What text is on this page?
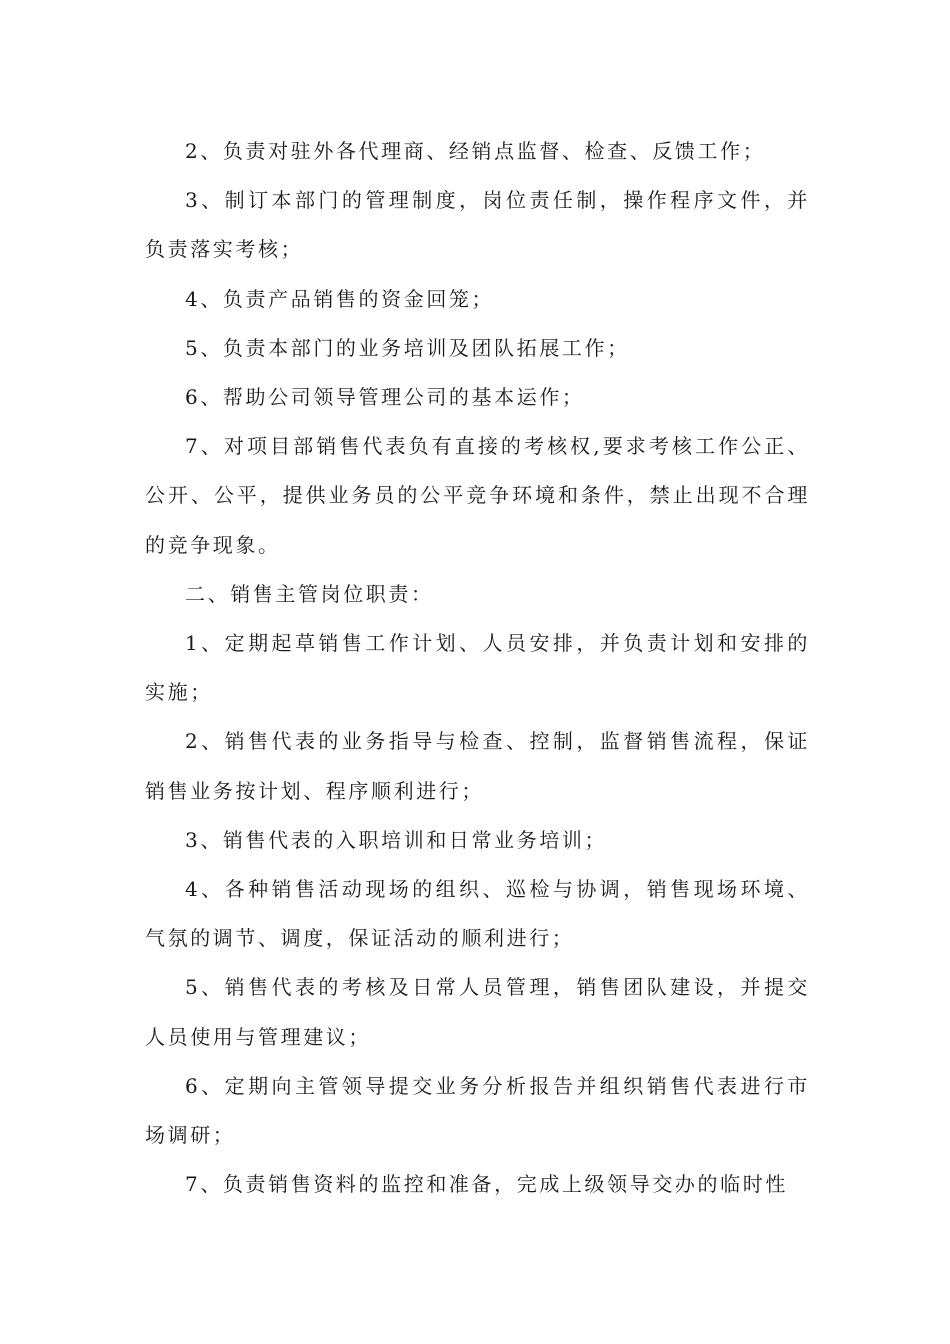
2、负责对驻外各代理商、经销点监督、检查、反馈工作；

3、制订本部门的管理制度，岗位责任制，操作程序文件，并负责落实考核；

4、负责产品销售的资金回笼；

5、负责本部门的业务培训及团队拓展工作；

6、帮助公司领导管理公司的基本运作；

7、对项目部销售代表负有直接的考核权,要求考核工作公正、公开、公平，提供业务员的公平竞争环境和条件，禁止出现不合理的竞争现象。

二、销售主管岗位职责：

1、定期起草销售工作计划、人员安排，并负责计划和安排的实施；

2、销售代表的业务指导与检查、控制，监督销售流程，保证销售业务按计划、程序顺利进行；

3、销售代表的入职培训和日常业务培训；

4、各种销售活动现场的组织、巡检与协调，销售现场环境、气氛的调节、调度，保证活动的顺利进行；

5、销售代表的考核及日常人员管理，销售团队建设，并提交人员使用与管理建议；

6、定期向主管领导提交业务分析报告并组织销售代表进行市场调研；

7、负责销售资料的监控和准备，完成上级领导交办的临时性
